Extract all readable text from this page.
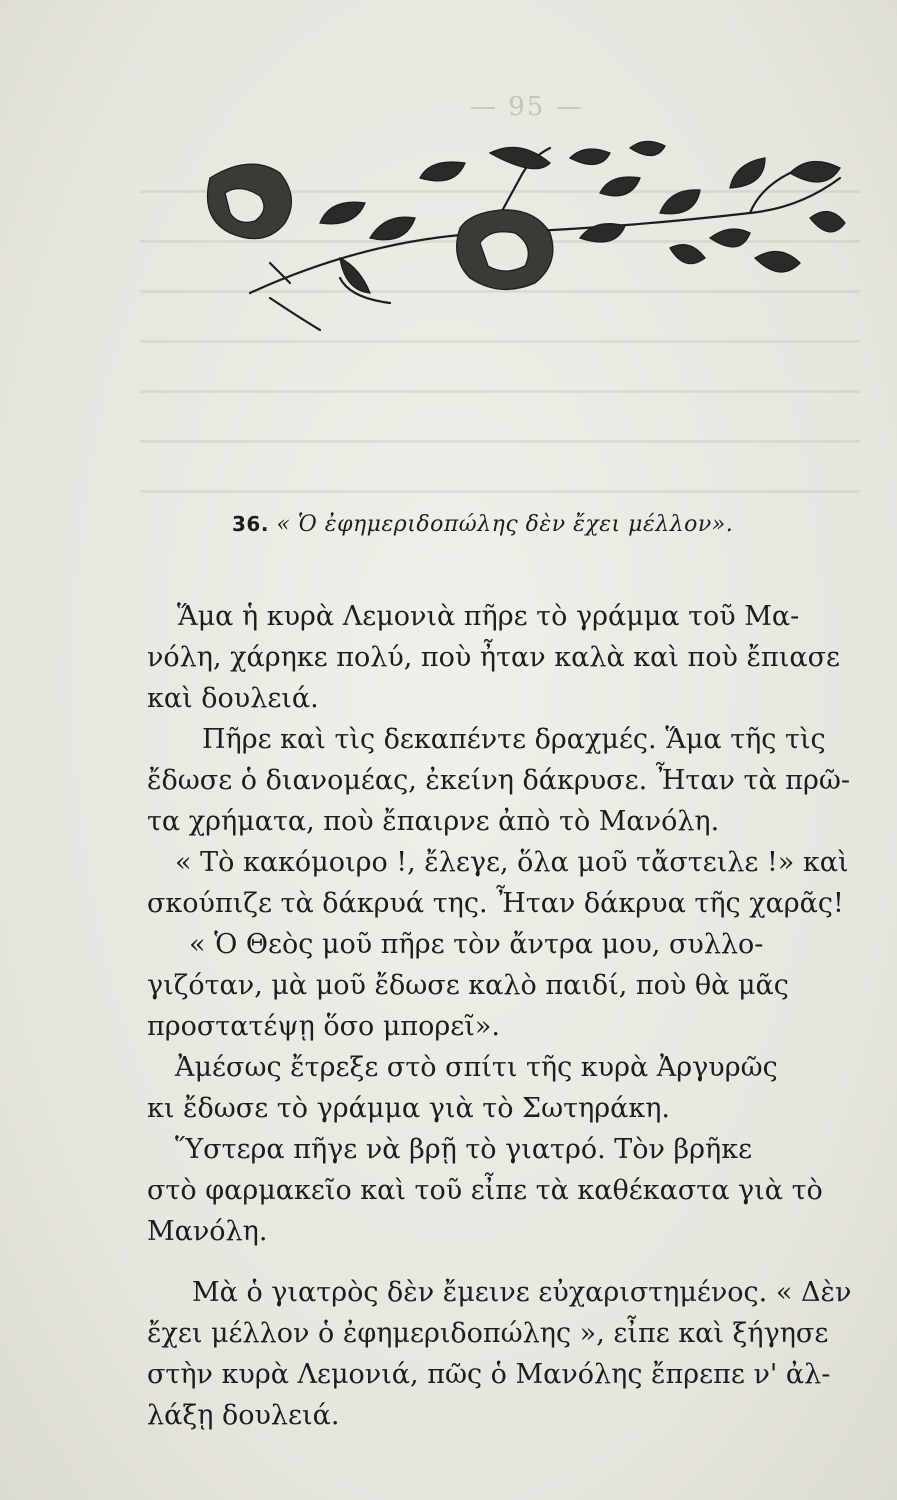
— 95 —
36. « Ὁ ἐφημεριδοπώλης δὲν ἔχει μέλλον».
Ἅμα ἡ κυρὰ Λεμονιὰ πῆρε τὸ γράμμα τοῦ Μα-
νόλη, χάρηκε πολύ, ποὺ ἦταν καλὰ καὶ ποὺ ἔπιασε
καὶ δουλειά.
Πῆρε καὶ τὶς δεκαπέντε δραχμές. Ἅμα τῆς τὶς
ἔδωσε ὁ διανομέας, ἐκείνη δάκρυσε. Ἦταν τὰ πρῶ-
τα χρήματα, ποὺ ἔπαιρνε ἀπὸ τὸ Μανόλη.
« Τὸ κακόμοιρο !, ἔλεγε, ὅλα μοῦ τἄστειλε !» καὶ
σκούπιζε τὰ δάκρυά της. Ἦταν δάκρυα τῆς χαρᾶς!
« Ὁ Θεὸς μοῦ πῆρε τὸν ἄντρα μου, συλλο-
γιζόταν, μὰ μοῦ ἔδωσε καλὸ παιδί, ποὺ θὰ μᾶς
προστατέψῃ ὅσο μπορεῖ».
Ἀμέσως ἔτρεξε στὸ σπίτι τῆς κυρὰ Ἀργυρῶς
κι ἔδωσε τὸ γράμμα γιὰ τὸ Σωτηράκη.
Ὕστερα πῆγε νὰ βρῇ τὸ γιατρό. Τὸν βρῆκε
στὸ φαρμακεῖο καὶ τοῦ εἶπε τὰ καθέκαστα γιὰ τὸ
Μανόλη.
Μὰ ὁ γιατρὸς δὲν ἔμεινε εὐχαριστημένος. « Δὲν
ἔχει μέλλον ὁ ἐφημεριδοπώλης », εἶπε καὶ ξήγησε
στὴν κυρὰ Λεμονιά, πῶς ὁ Μανόλης ἔπρεπε ν' ἀλ-
λάξῃ δουλειά.
